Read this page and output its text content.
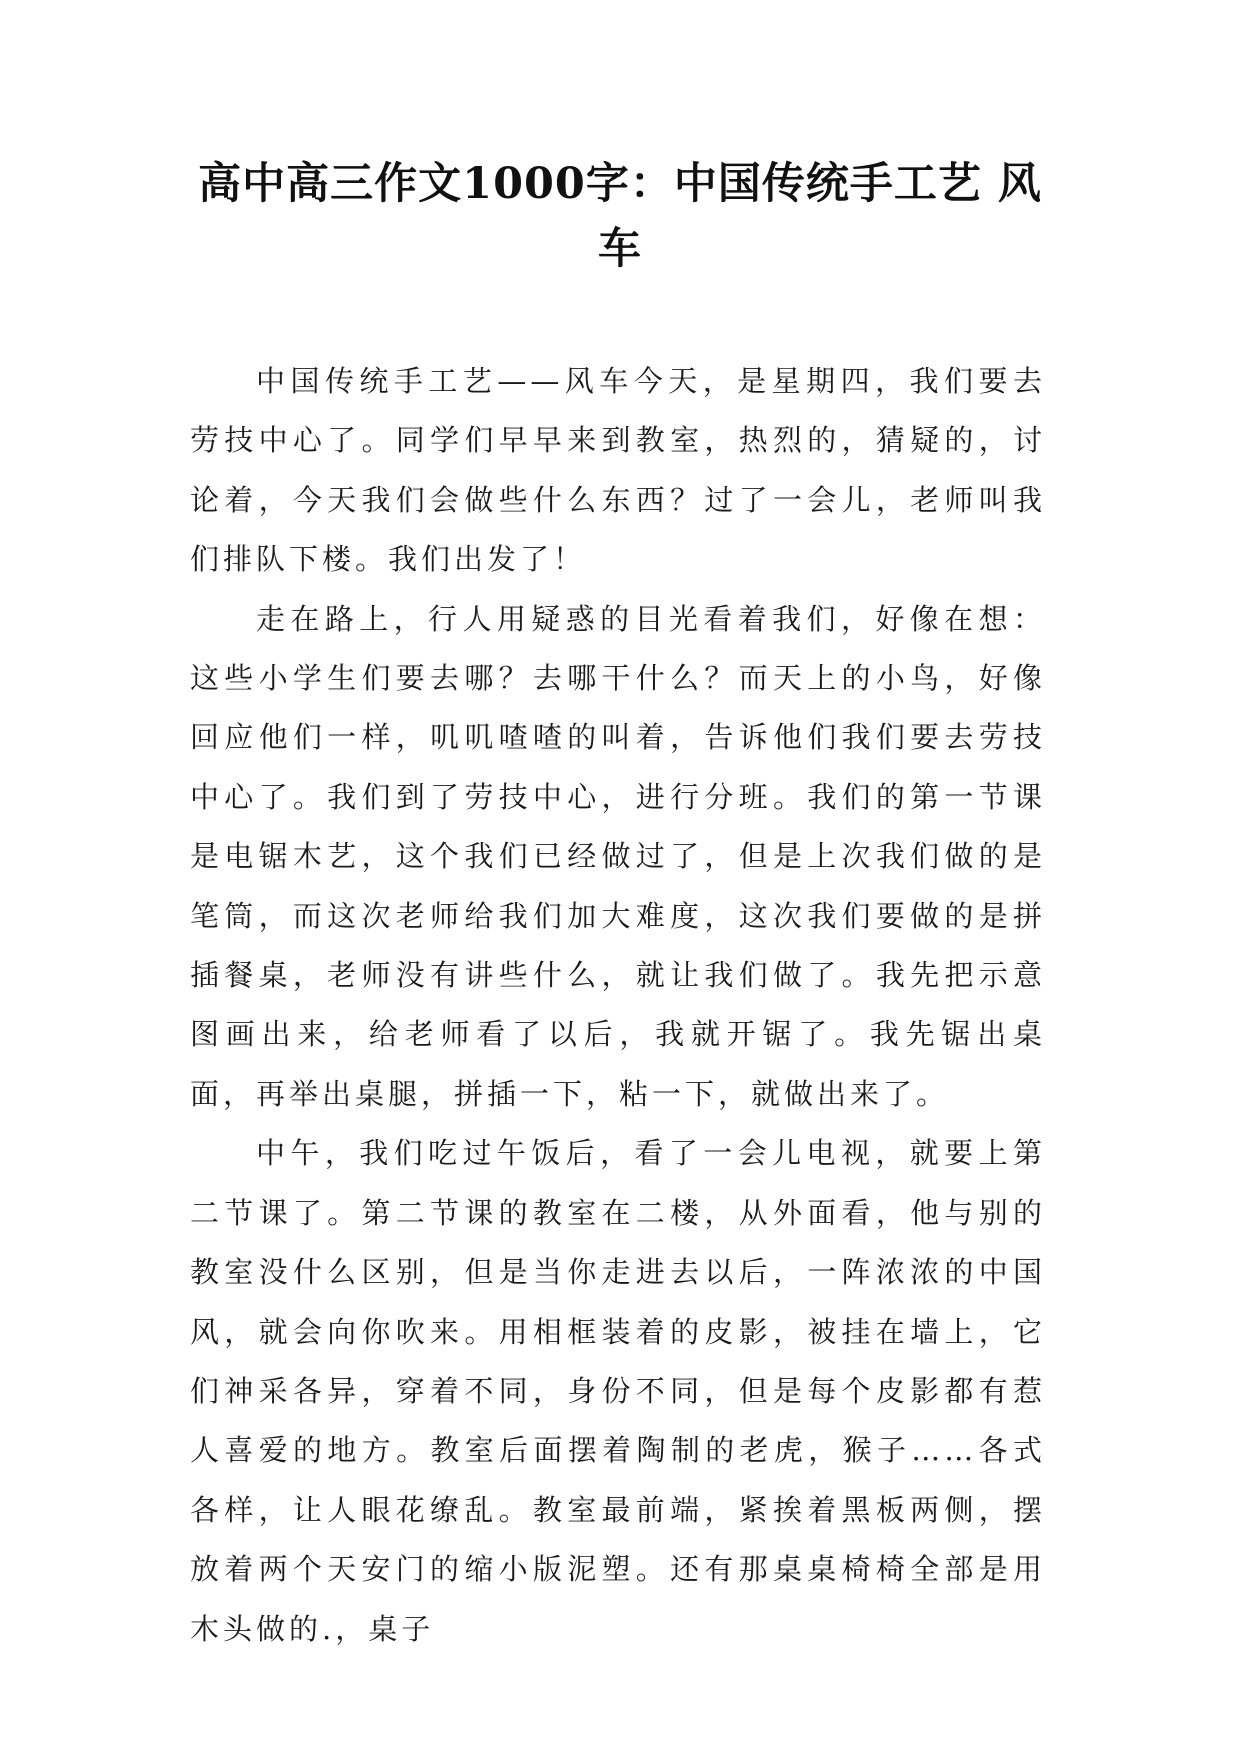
高中高三作文1000字：中国传统手工艺 风车

中国传统手工艺——风车今天，是星期四，我们要去劳技中心了。同学们早早来到教室，热烈的，猜疑的，讨论着，今天我们会做些什么东西？过了一会儿，老师叫我们排队下楼。我们出发了！

走在路上，行人用疑惑的目光看着我们，好像在想：这些小学生们要去哪？去哪干什么？而天上的小鸟，好像回应他们一样，叽叽喳喳的叫着，告诉他们我们要去劳技中心了。我们到了劳技中心，进行分班。我们的第一节课是电锯木艺，这个我们已经做过了，但是上次我们做的是笔筒，而这次老师给我们加大难度，这次我们要做的是拼插餐桌，老师没有讲些什么，就让我们做了。我先把示意图画出来，给老师看了以后，我就开锯了。我先锯出桌面，再举出桌腿，拼插一下，粘一下，就做出来了。

中午，我们吃过午饭后，看了一会儿电视，就要上第二节课了。第二节课的教室在二楼，从外面看，他与别的教室没什么区别，但是当你走进去以后，一阵浓浓的中国风，就会向你吹来。用相框装着的皮影，被挂在墙上，它们神采各异，穿着不同，身份不同，但是每个皮影都有惹人喜爱的地方。教室后面摆着陶制的老虎，猴子……各式各样，让人眼花缭乱。教室最前端，紧挨着黑板两侧，摆放着两个天安门的缩小版泥塑。还有那桌桌椅椅全部是用木头做的.，桌子
